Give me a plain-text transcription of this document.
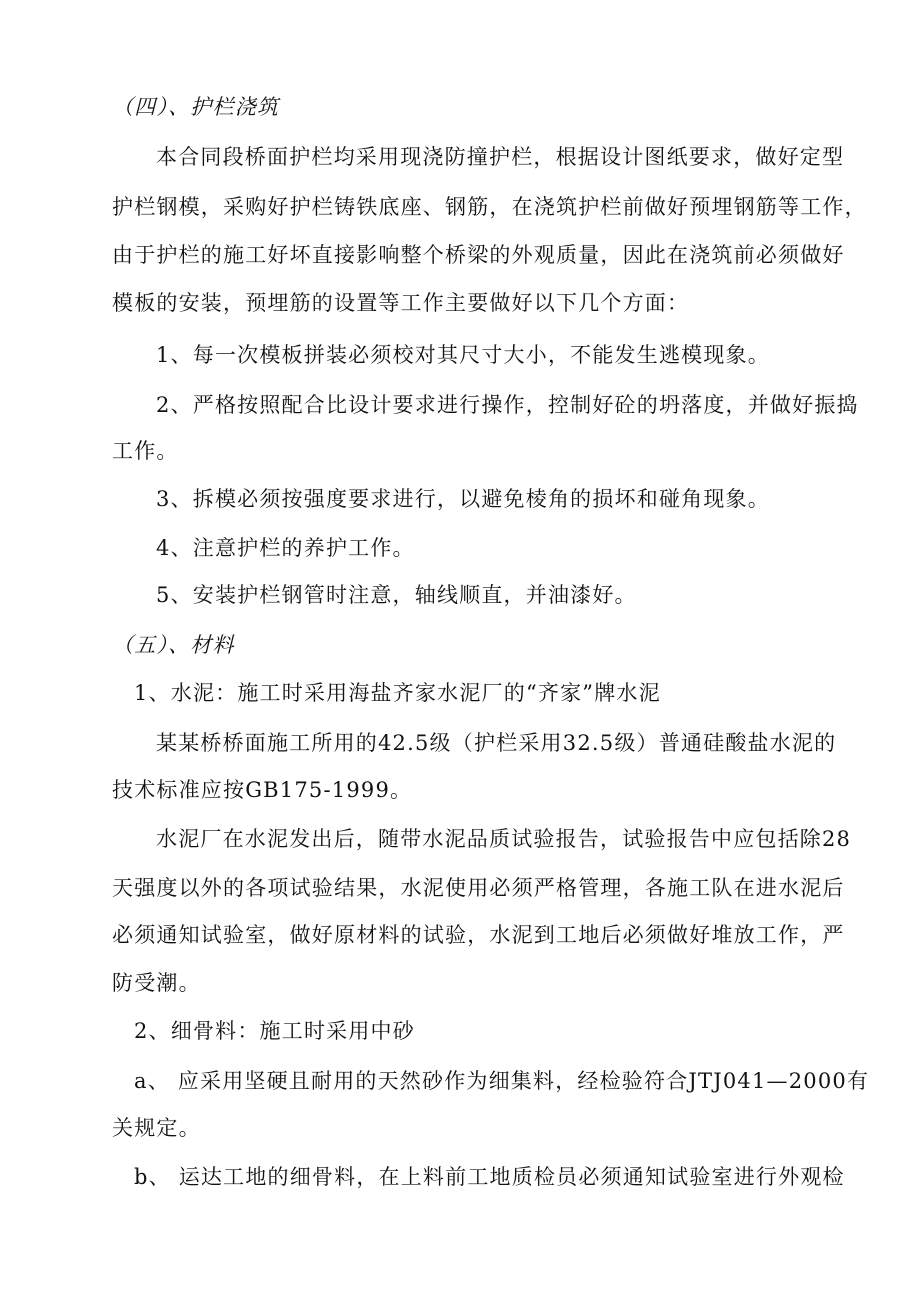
（四）、护栏浇筑
本合同段桥面护栏均采用现浇防撞护栏，根据设计图纸要求，做好定型
护栏钢模，采购好护栏铸铁底座、钢筋，在浇筑护栏前做好预埋钢筋等工作，
由于护栏的施工好坏直接影响整个桥梁的外观质量，因此在浇筑前必须做好
模板的安装，预埋筋的设置等工作主要做好以下几个方面：
1、每一次模板拼装必须校对其尺寸大小，不能发生逃模现象。
2、严格按照配合比设计要求进行操作，控制好砼的坍落度，并做好振捣
工作。
3、拆模必须按强度要求进行，以避免棱角的损坏和碰角现象。
4、注意护栏的养护工作。
5、安装护栏钢管时注意，轴线顺直，并油漆好。
（五）、材料
1、水泥：施工时采用海盐齐家水泥厂的“齐家”牌水泥
某某桥桥面施工所用的42.5级（护栏采用32.5级）普通硅酸盐水泥的
技术标准应按GB175-1999。
水泥厂在水泥发出后，随带水泥品质试验报告，试验报告中应包括除28
天强度以外的各项试验结果，水泥使用必须严格管理，各施工队在进水泥后
必须通知试验室，做好原材料的试验，水泥到工地后必须做好堆放工作，严
防受潮。
2、细骨料：施工时采用中砂
a、 应采用坚硬且耐用的天然砂作为细集料，经检验符合JTJ041—2000有
关规定。
b、 运达工地的细骨料，在上料前工地质检员必须通知试验室进行外观检
